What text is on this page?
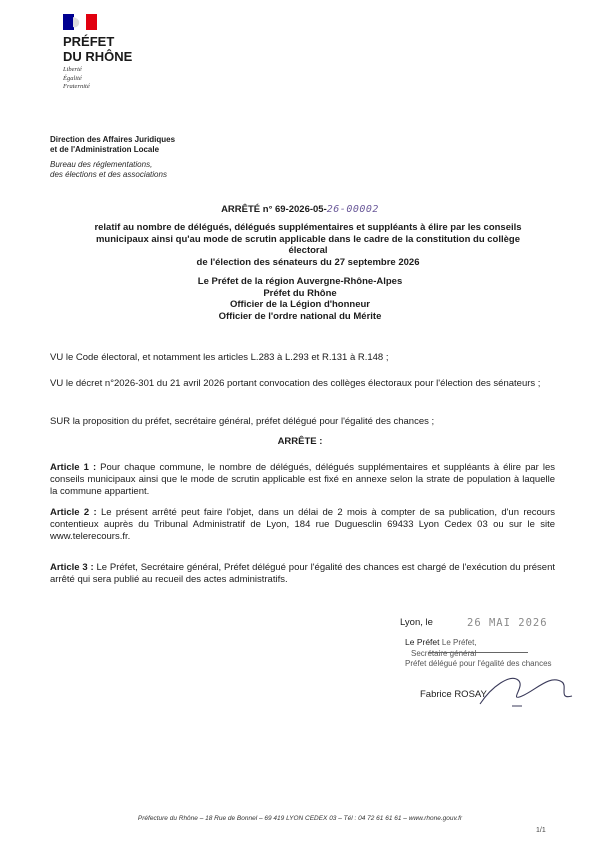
PRÉFET
DU RHÔNE
Liberté
Égalité
Fraternité
Direction des Affaires Juridiques
et de l'Administration Locale
Bureau des réglementations,
des élections et des associations
ARRÊTÉ n° 69-2026-05-26-00002
relatif au nombre de délégués, délégués supplémentaires et suppléants à élire par les conseils
municipaux ainsi qu'au mode de scrutin applicable dans le cadre de la constitution du collège électoral
de l'élection des sénateurs du 27 septembre 2026
Le Préfet de la région Auvergne-Rhône-Alpes
Préfet du Rhône
Officier de la Légion d'honneur
Officier de l'ordre national du Mérite
VU le Code électoral, et notamment les articles L.283 à L.293 et R.131 à R.148 ;
VU le décret n°2026-301 du 21 avril 2026 portant convocation des collèges électoraux pour l'élection des sénateurs ;
SUR la proposition du préfet, secrétaire général, préfet délégué pour l'égalité des chances ;
ARRÊTE :
Article 1 : Pour chaque commune, le nombre de délégués, délégués supplémentaires et suppléants à élire par les conseils municipaux ainsi que le mode de scrutin applicable est fixé en annexe selon la strate de population à laquelle la commune appartient.
Article 2 : Le présent arrêté peut faire l'objet, dans un délai de 2 mois à compter de sa publication, d'un recours contentieux auprès du Tribunal Administratif de Lyon, 184 rue Duguesclin 69433 Lyon Cedex 03 ou sur le site www.telerecours.fr.
Article 3 : Le Préfet, Secrétaire général, Préfet délégué pour l'égalité des chances est chargé de l'exécution du présent arrêté qui sera publié au recueil des actes administratifs.
Lyon, le	26 MAI 2026
Le Préfet Le Préfet,
Secrétaire général
Préfet délégué pour l'égalité des chances
Fabrice ROSAY
Préfecture du Rhône – 18 Rue de Bonnel – 69 419 LYON CEDEX 03 – Tél : 04 72 61 61 61 – www.rhone.gouv.fr
1/1
